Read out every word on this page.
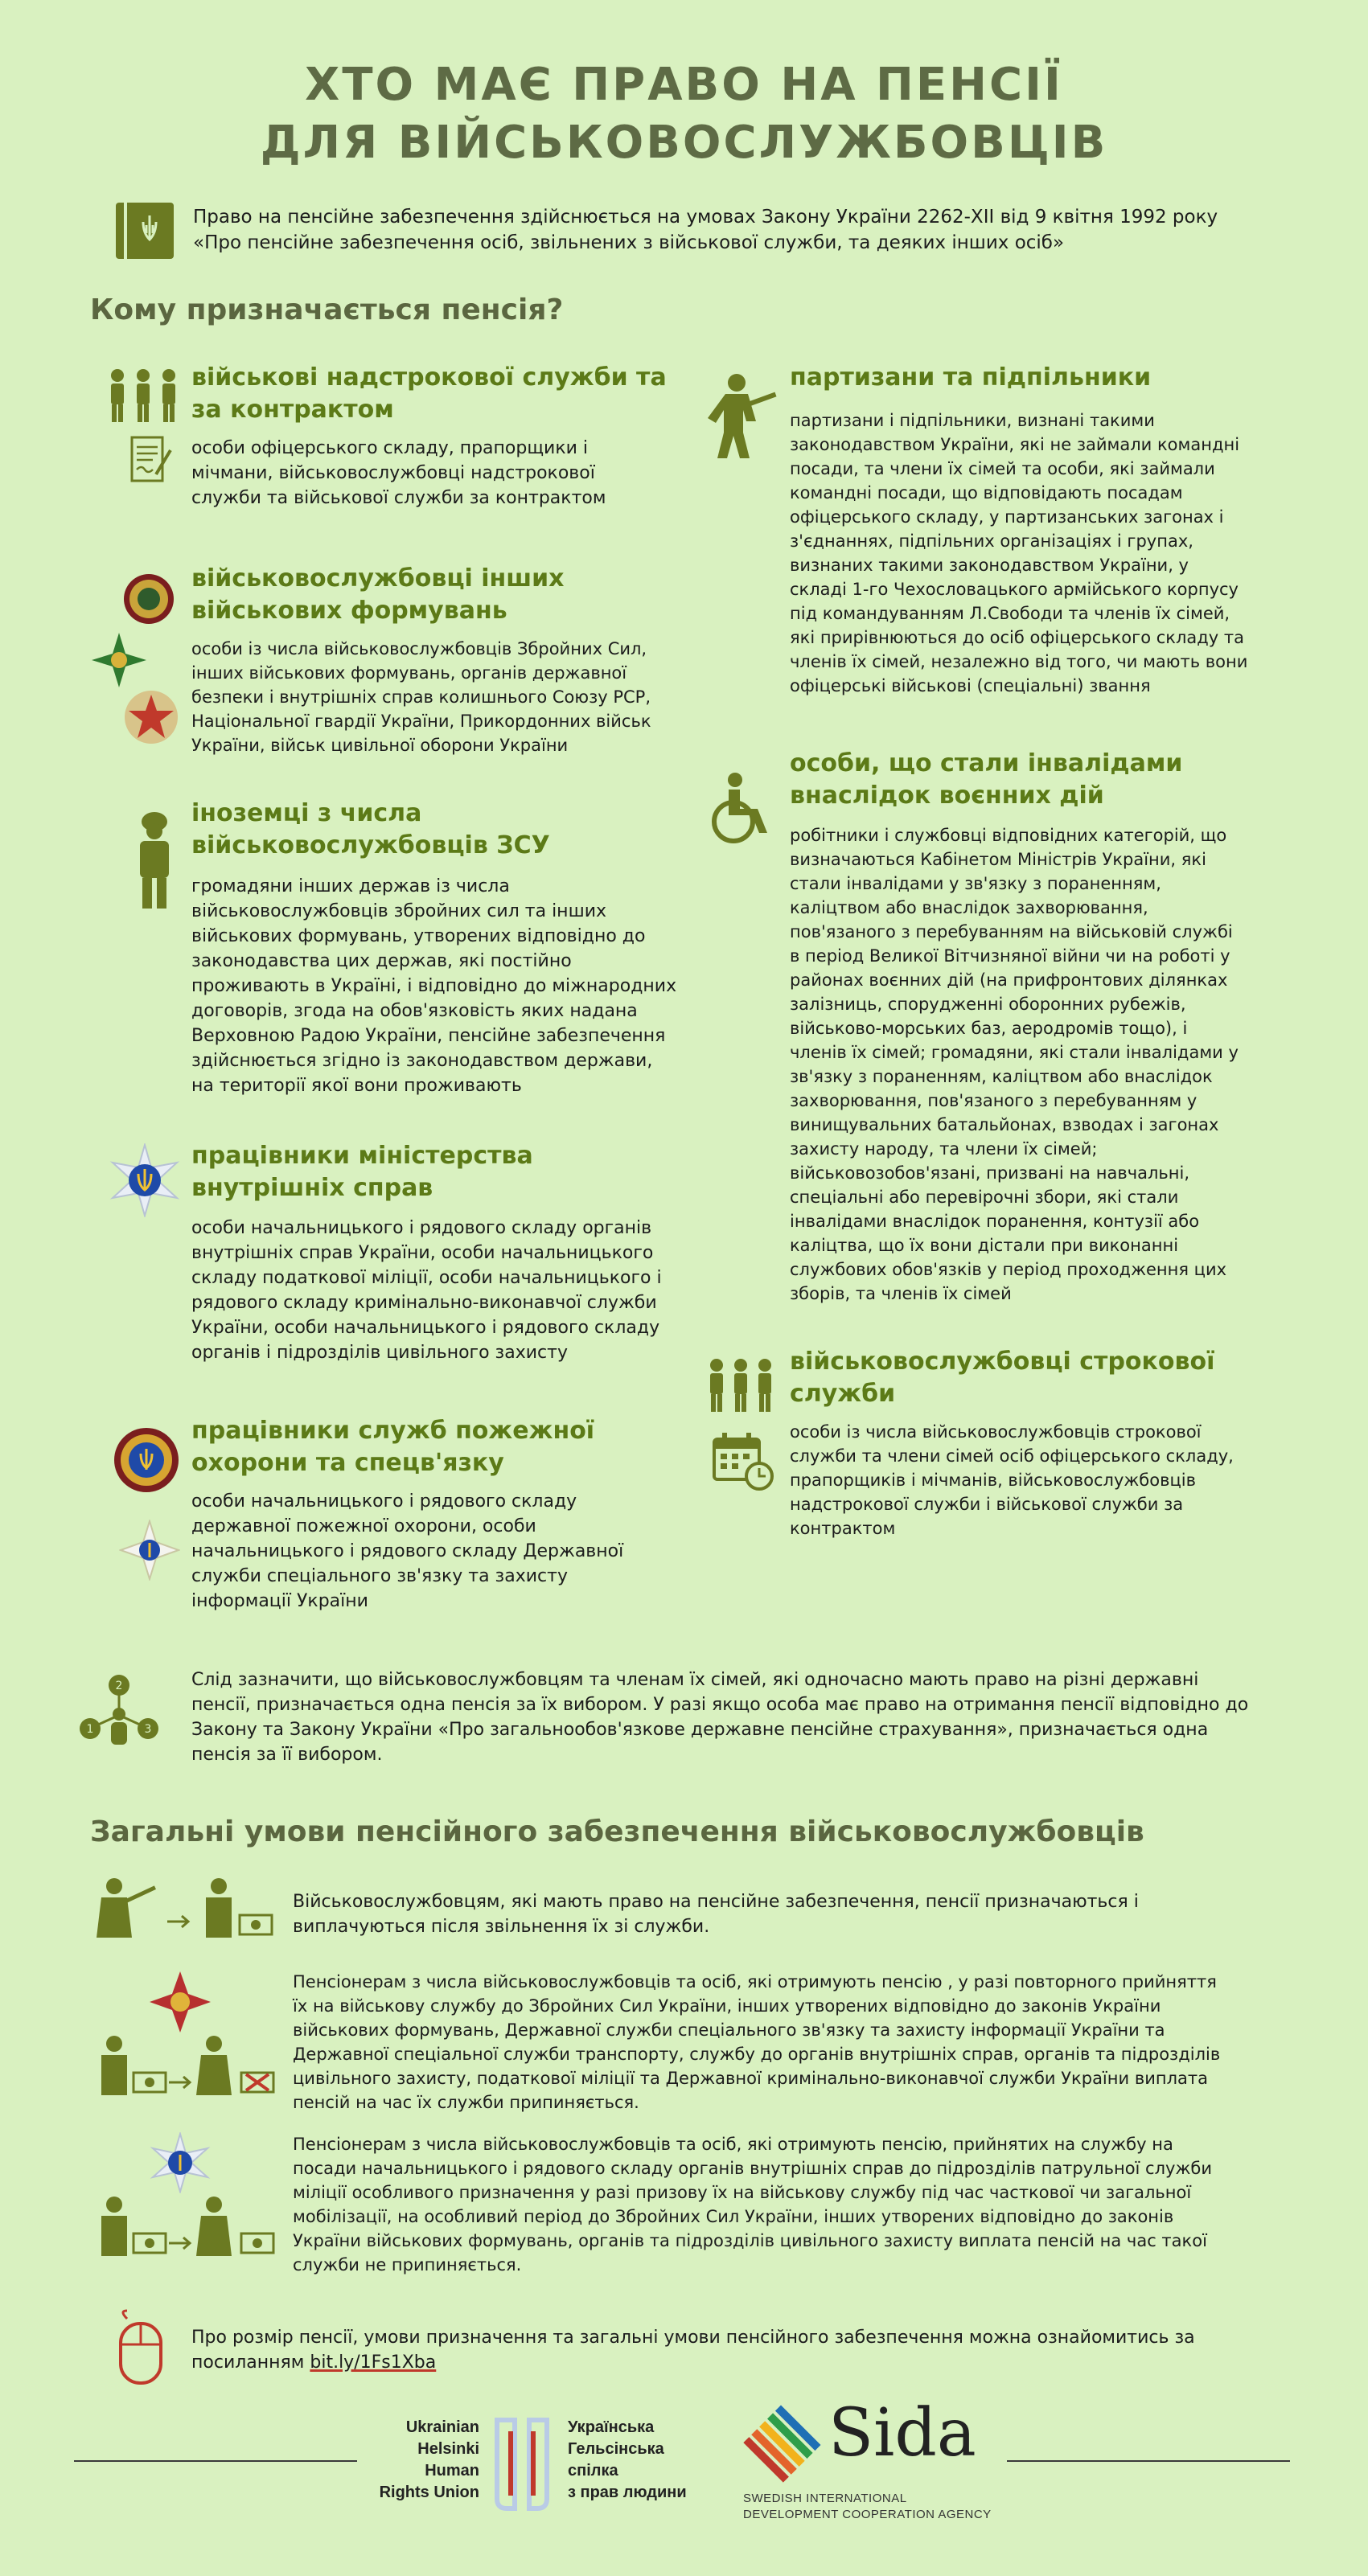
ХТО МАЄ ПРАВО НА ПЕНСІЇ
ДЛЯ ВІЙСЬКОВОСЛУЖБОВЦІВ
Право на пенсійне забезпечення здійснюється на умовах Закону України 2262-XII від 9 квітня 1992 року
«Про пенсійне забезпечення осіб, звільнених з військової служби, та деяких інших осіб»
Кому призначається пенсія?
військові надстрокової служби та
за контрактом
особи офіцерського складу, прапорщики і
мічмани, військовослужбовці надстрокової
служби та військової служби за контрактом
військовослужбовці інших
військових формувань
особи із числа військовослужбовців Збройних Сил,
інших військових формувань, органів державної
безпеки і внутрішніх справ колишнього Союзу РСР,
Національної гвардії України, Прикордонних військ
України, військ цивільної оборони України
іноземці з числа
військовослужбовців ЗСУ
громадяни інших держав із числа
військовослужбовців збройних сил та інших
військових формувань, утворених відповідно до
законодавства цих держав, які постійно
проживають в Україні, і відповідно до міжнародних
договорів, згода на обов'язковість яких надана
Верховною Радою України, пенсійне забезпечення
здійснюється згідно із законодавством держави,
на території якої вони проживають
працівники міністерства
внутрішніх справ
особи начальницького і рядового складу органів
внутрішніх справ України, особи начальницького
складу податкової міліції, особи начальницького і
рядового складу кримінально-виконавчої служби
України, особи начальницького і рядового складу
органів і підрозділів цивільного захисту
працівники служб пожежної
охорони та спецв'язку
особи начальницького і рядового складу
державної пожежної охорони, особи
начальницького і рядового складу Державної
служби спеціального зв'язку та захисту
інформації України
партизани та підпільники
партизани і підпільники, визнані такими
законодавством України, які не займали командні
посади, та члени їх сімей та особи, які займали
командні посади, що відповідають посадам
офіцерського складу, у партизанських загонах і
з'єднаннях, підпільних організаціях і групах,
визнаних такими законодавством України, у
складі 1-го Чехословацького армійського корпусу
під командуванням Л.Свободи та членів їх сімей,
які прирівнюються до осіб офіцерського складу та
членів їх сімей, незалежно від того, чи мають вони
офіцерські військові (спеціальні) звання
особи, що стали інвалідами
внаслідок воєнних дій
робітники і службовці відповідних категорій, що
визначаються Кабінетом Міністрів України, які
стали інвалідами у зв'язку з пораненням,
каліцтвом або внаслідок захворювання,
пов'язаного з перебуванням на військовій службі
в період Великої Вітчизняної війни чи на роботі у
районах воєнних дій (на прифронтових ділянках
залізниць, спорудженні оборонних рубежів,
військово-морських баз, аеродромів тощо), і
членів їх сімей; громадяни, які стали інвалідами у
зв'язку з пораненням, каліцтвом або внаслідок
захворювання, пов'язаного з перебуванням у
винищувальних батальйонах, взводах і загонах
захисту народу, та члени їх сімей;
військовозобов'язані, призвані на навчальні,
спеціальні або перевірочні збори, які стали
інвалідами внаслідок поранення, контузії або
каліцтва, що їх вони дістали при виконанні
службових обов'язків у період проходження цих
зборів, та членів їх сімей
військовослужбовці строкової
служби
особи із числа військовослужбовців строкової
служби та члени сімей осіб офіцерського складу,
прапорщиків і мічманів, військовослужбовців
надстрокової служби і військової служби за
контрактом
2
1	3
Слід зазначити, що військовослужбовцям та членам їх сімей, які одночасно мають право на різні державні
пенсії, призначається одна пенсія за їх вибором. У разі якщо особа має право на отримання пенсії відповідно до
Закону та Закону України «Про загальнообов'язкове державне пенсійне страхування», призначається одна
пенсія за її вибором.
Загальні умови пенсійного забезпечення військовослужбовців
Військовослужбовцям, які мають право на пенсійне забезпечення, пенсії призначаються і
виплачуються після звільнення їх зі служби.
Пенсіонерам з числа військовослужбовців та осіб, які отримують пенсію , у разі повторного прийняття
їх на військову службу до Збройних Сил України, інших утворених відповідно до законів України
військових формувань, Державної служби спеціального зв'язку та захисту інформації України та
Державної спеціальної служби транспорту, службу до органів внутрішніх справ, органів та підрозділів
цивільного захисту, податкової міліції та Державної кримінально-виконавчої служби України виплата
пенсій на час їх служби припиняється.
Пенсіонерам з числа військовослужбовців та осіб, які отримують пенсію, прийнятих на службу на
посади начальницького і рядового складу органів внутрішніх справ до підрозділів патрульної служби
міліції особливого призначення у разі призову їх на військову службу під час часткової чи загальної
мобілізації, на особливий період до Збройних Сил України, інших утворених відповідно до законів
України військових формувань, органів та підрозділів цивільного захисту виплата пенсій на час такої
служби не припиняється.
Про розмір пенсії, умови призначення та загальні умови пенсійного забезпечення можна ознайомитись за
посиланням bit.ly/1Fs1Xba
Ukrainian
Helsinki
Human
Rights Union
Українська
Гельсінська
спілка
з прав людини
Sida
SWEDISH INTERNATIONAL
DEVELOPMENT COOPERATION AGENCY
